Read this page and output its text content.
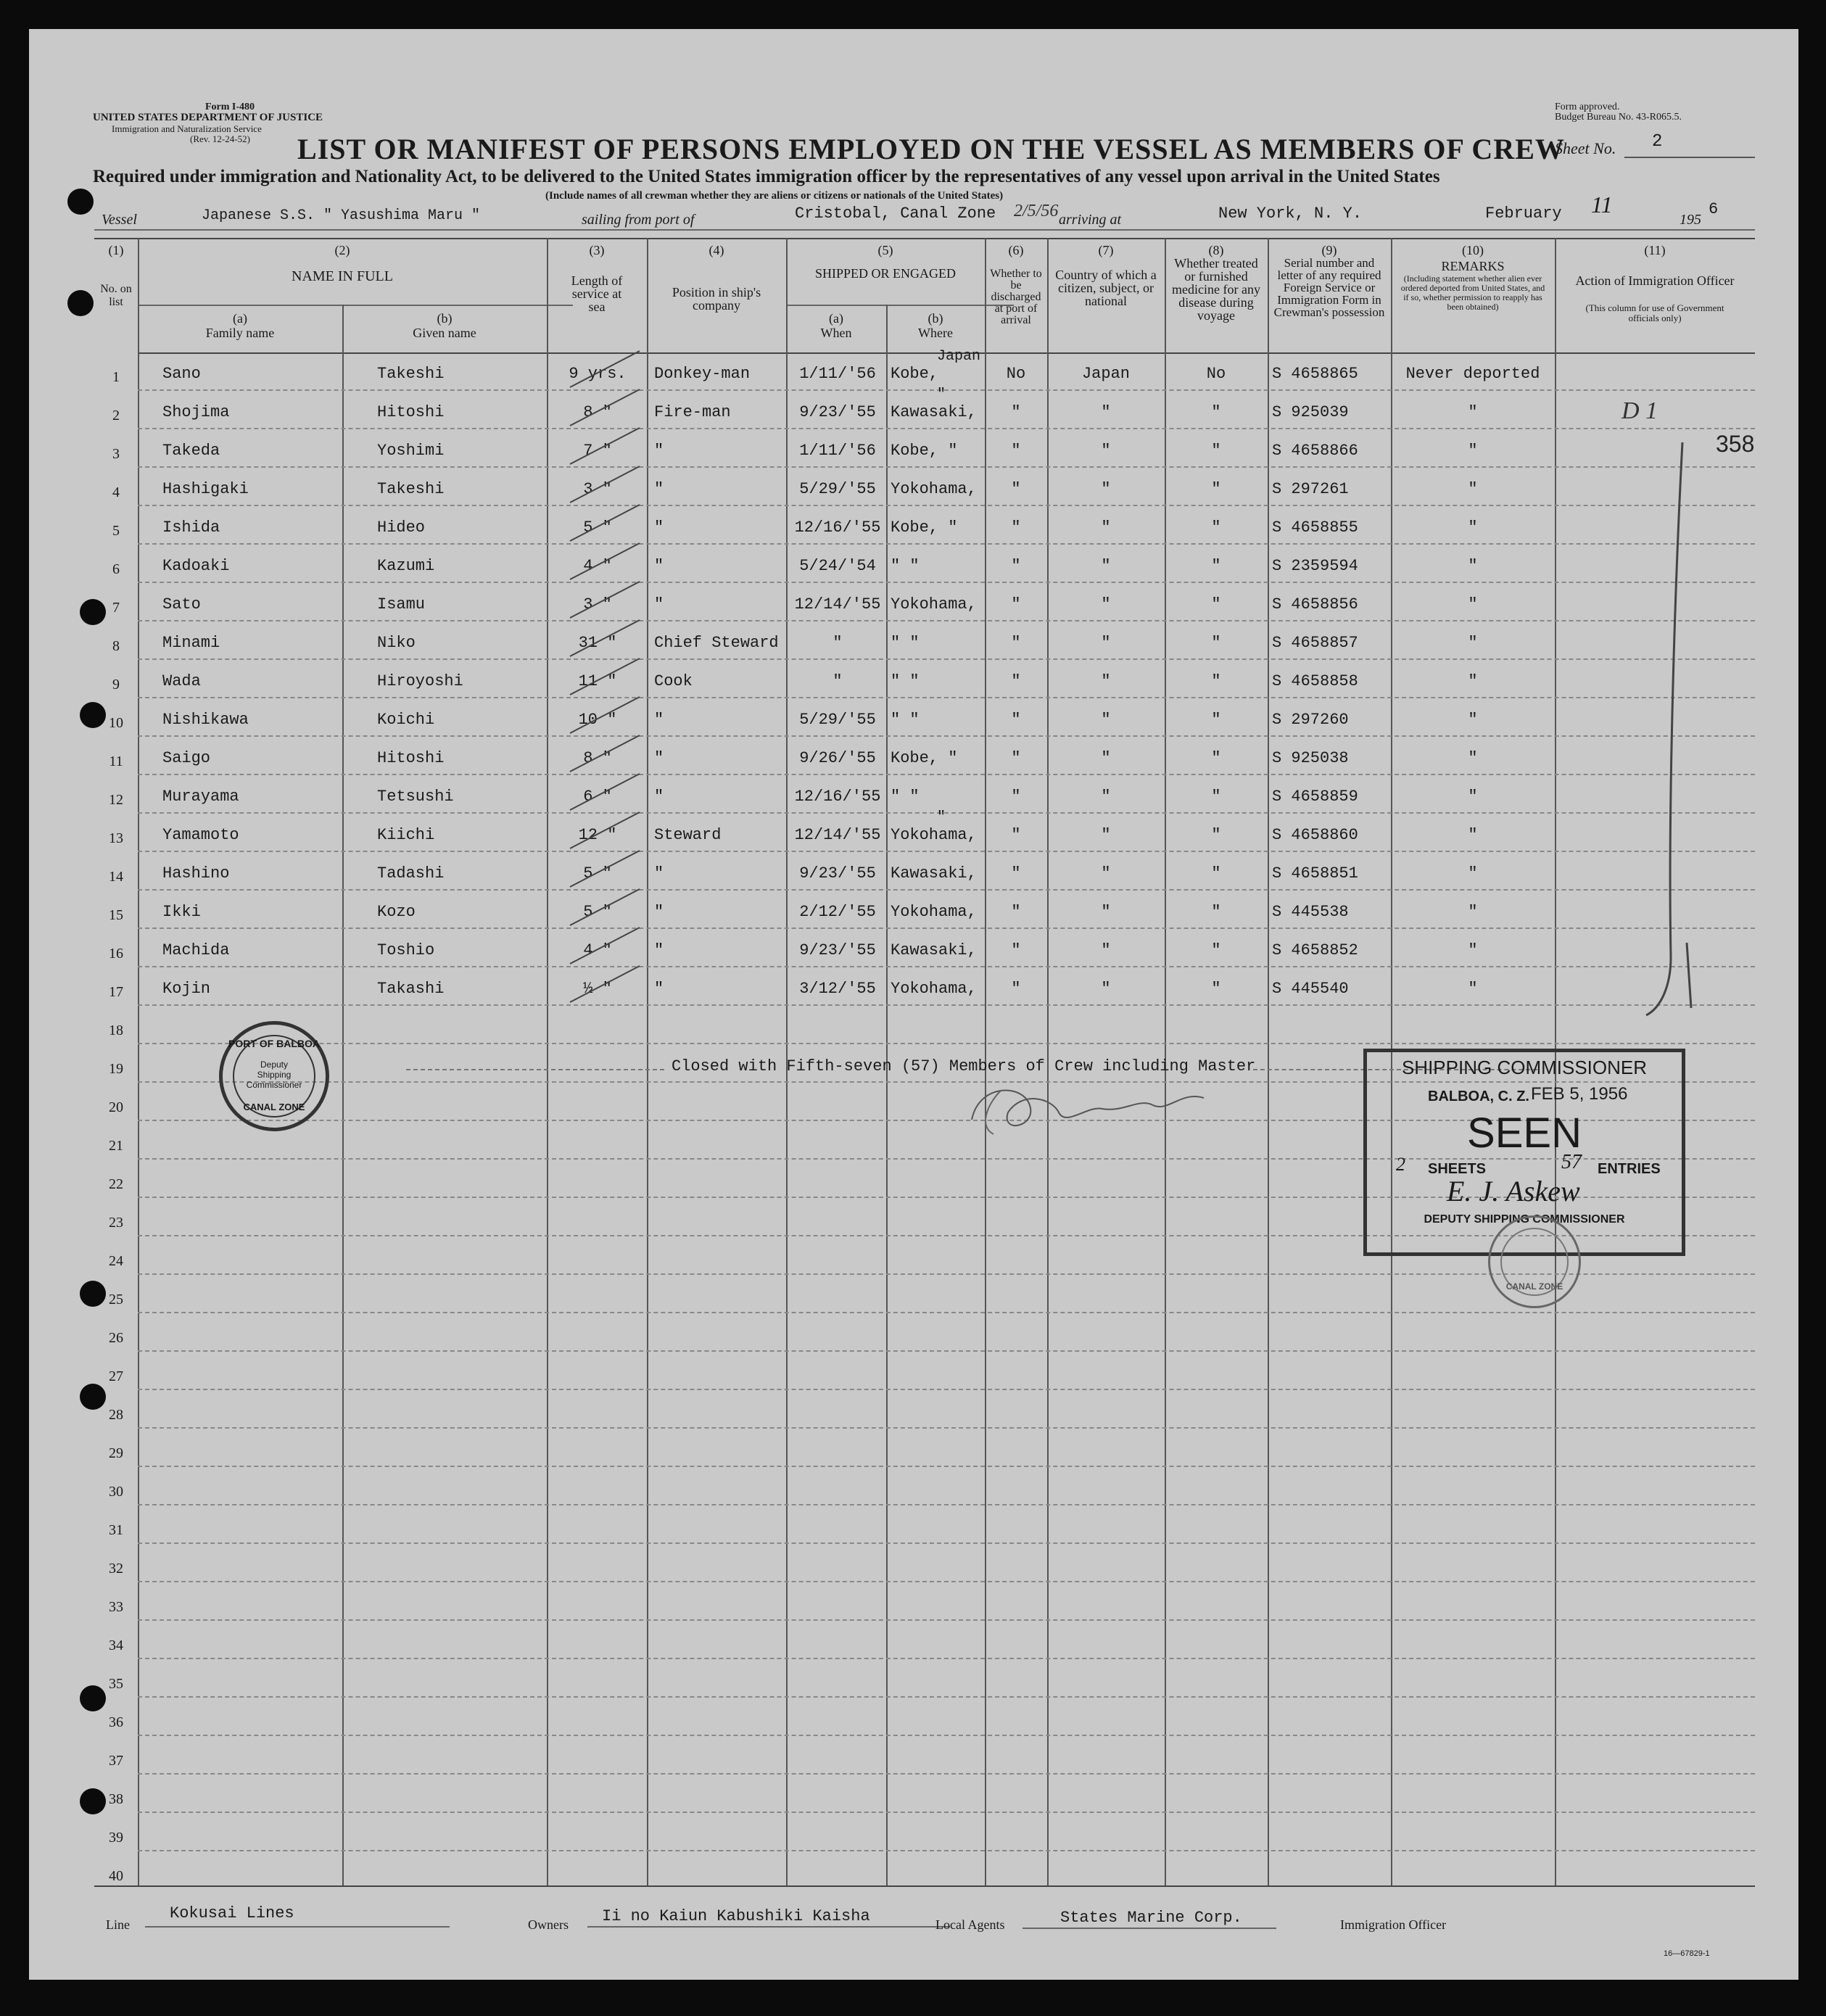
Form I-480
UNITED STATES DEPARTMENT OF JUSTICE
Immigration and Naturalization Service
(Rev. 12-24-52)
Form approved.
Budget Bureau No. 43-R065.5.
LIST OR MANIFEST OF PERSONS EMPLOYED ON THE VESSEL AS MEMBERS OF CREW
Sheet No. 2
Required under immigration and Nationality Act, to be delivered to the United States immigration officer by the representatives of any vessel upon arrival in the United States
(Include names of all crewman whether they are aliens or citizens or nationals of the United States)
Vessel	Japanese S.S. " Yasushima Maru "	sailing from port of	Cristobal, Canal Zone 2/5/56 arriving at	New York, N. Y.	February 11
195
6
(1)
No. on list
(2)
NAME IN FULL
(a)
Family name
(b)
Given name
(3)
Length of service at sea
(4)
Position in ship's company
(5)
SHIPPED OR ENGAGED
(a)
When
(b)
Where
(6)
Whether to be discharged at port of arrival
(7)
Country of which a citizen, subject, or national
(8)
Whether treated or furnished medicine for any disease during voyage
(9)
Serial number and letter of any required Foreign Service or Immigration Form in Crewman's possession
(10)
REMARKS
(Including statement whether alien ever ordered deported from United States, and if so, whether permission to reapply has been obtained)
(11)
Action of Immigration Officer
(This column for use of Government officials only)
1	Sano	Takeshi	9 yrs.	Donkey-man	1/11/'56 Kobe,	No	Japan	No	S 4658865	Never deported
Japan
2	Shojima	Hitoshi	8 "	Fire-man	9/23/'55 Kawasaki,	"	"	"	S 925039	"
"
3	Takeda	Yoshimi	7 "	"	1/11/'56 Kobe, "	"	"	"	S 4658866	"
4	Hashigaki	Takeshi	3 "	"	5/29/'55 Yokohama,	"	"	"	S 297261	"
5	Ishida	Hideo	5 "	"	12/16/'55 Kobe, "	"	"	"	S 4658855	"
6	Kadoaki	Kazumi	4 "	"	5/24/'54 " "	"	"	"	S 2359594	"
7	Sato	Isamu	3 "	"	12/14/'55 Yokohama,	"	"	"	S 4658856	"
8	Minami	Niko	31 "	Chief Steward	"	" "	"	"	"	S 4658857	"
9	Wada	Hiroyoshi	11 "	Cook	"	" "	"	"	"	S 4658858	"
10	Nishikawa	Koichi	10 "	"	5/29/'55 " "	"	"	"	S 297260	"
11	Saigo	Hitoshi	8 "	"	9/26/'55 Kobe, "	"	"	"	S 925038	"
12	Murayama	Tetsushi	6 "	"	12/16/'55 " "	"	"	"	S 4658859	"
13	Yamamoto	Kiichi	12 "	Steward	12/14/'55 Yokohama,	"	"	"	S 4658860	"
"
14	Hashino	Tadashi	5 "	"	9/23/'55 Kawasaki,	"	"	"	S 4658851	"
15	Ikki	Kozo	5 "	"	2/12/'55 Yokohama,	"	"	"	S 445538	"
16	Machida	Toshio	4 "	"	9/23/'55 Kawasaki,	"	"	"	S 4658852	"
17	Kojin	Takashi	½ "	"	3/12/'55 Yokohama,	"	"	"	S 445540	"
18
19
20
21
22
23
24
25
26
27
28
29
30
31
32
33
34
35
36
37
38
39
40
Closed with Fifth-seven (57) Members of Crew including Master
D 1
358
PORT OF BALBOA
Deputy
Shipping
Commissioner
CANAL ZONE
SHIPPING COMMISSIONER
BALBOA, C. Z. FEB 5, 1956
SEEN
2 SHEETS	57 ENTRIES
E. J. Askew
DEPUTY SHIPPING COMMISSIONER
CANAL ZONE
Line
Kokusai Lines
Owners Ii no Kaiun Kabushiki Kaisha	Local Agents	States Marine Corp.	Immigration Officer
16—67829-1
